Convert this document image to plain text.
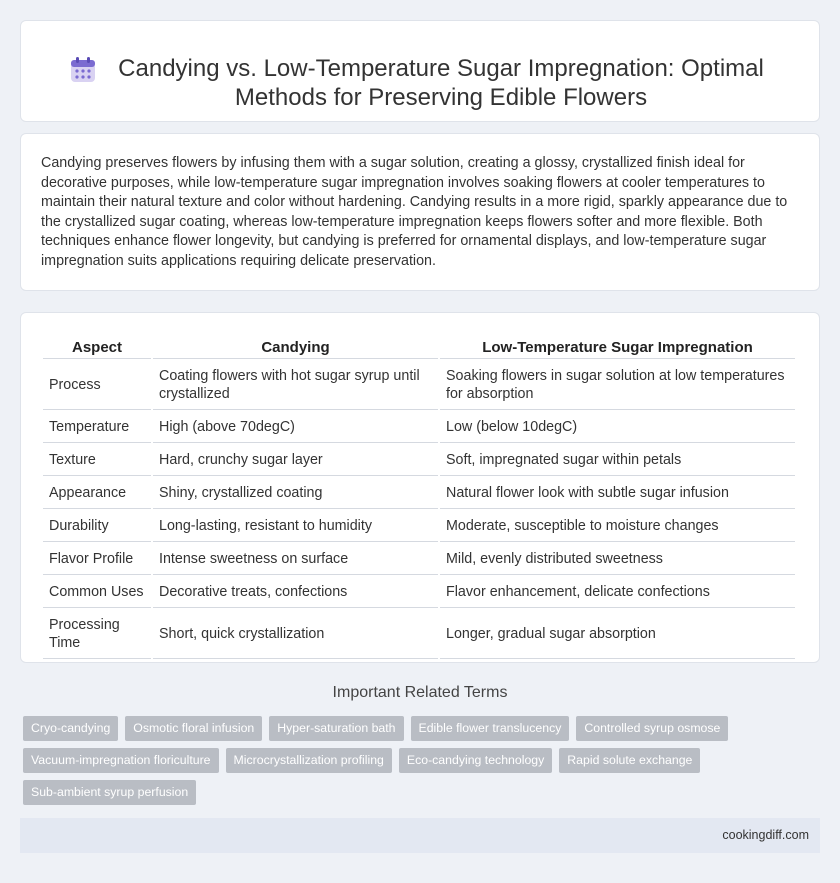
Candying vs. Low-Temperature Sugar Impregnation: Optimal Methods for Preserving Edible Flowers

Candying preserves flowers by infusing them with a sugar solution, creating a glossy, crystallized finish ideal for decorative purposes, while low-temperature sugar impregnation involves soaking flowers at cooler temperatures to maintain their natural texture and color without hardening. Candying results in a more rigid, sparkly appearance due to the crystallized sugar coating, whereas low-temperature impregnation keeps flowers softer and more flexible. Both techniques enhance flower longevity, but candying is preferred for ornamental displays, and low-temperature sugar impregnation suits applications requiring delicate preservation.

Aspect	Candying	Low-Temperature Sugar Impregnation
Process	Coating flowers with hot sugar syrup until crystallized	Soaking flowers in sugar solution at low temperatures for absorption
Temperature	High (above 70degC)	Low (below 10degC)
Texture	Hard, crunchy sugar layer	Soft, impregnated sugar within petals
Appearance	Shiny, crystallized coating	Natural flower look with subtle sugar infusion
Durability	Long-lasting, resistant to humidity	Moderate, susceptible to moisture changes
Flavor Profile	Intense sweetness on surface	Mild, evenly distributed sweetness
Common Uses	Decorative treats, confections	Flavor enhancement, delicate confections
Processing Time	Short, quick crystallization	Longer, gradual sugar absorption
Important Related Terms
Cryo-candying	Osmotic floral infusion	Hyper-saturation bath	Edible flower translucency	Controlled syrup osmose
Vacuum-impregnation floriculture	Microcrystallization profiling	Eco-candying technology	Rapid solute exchange
Sub-ambient syrup perfusion
cookingdiff.com
